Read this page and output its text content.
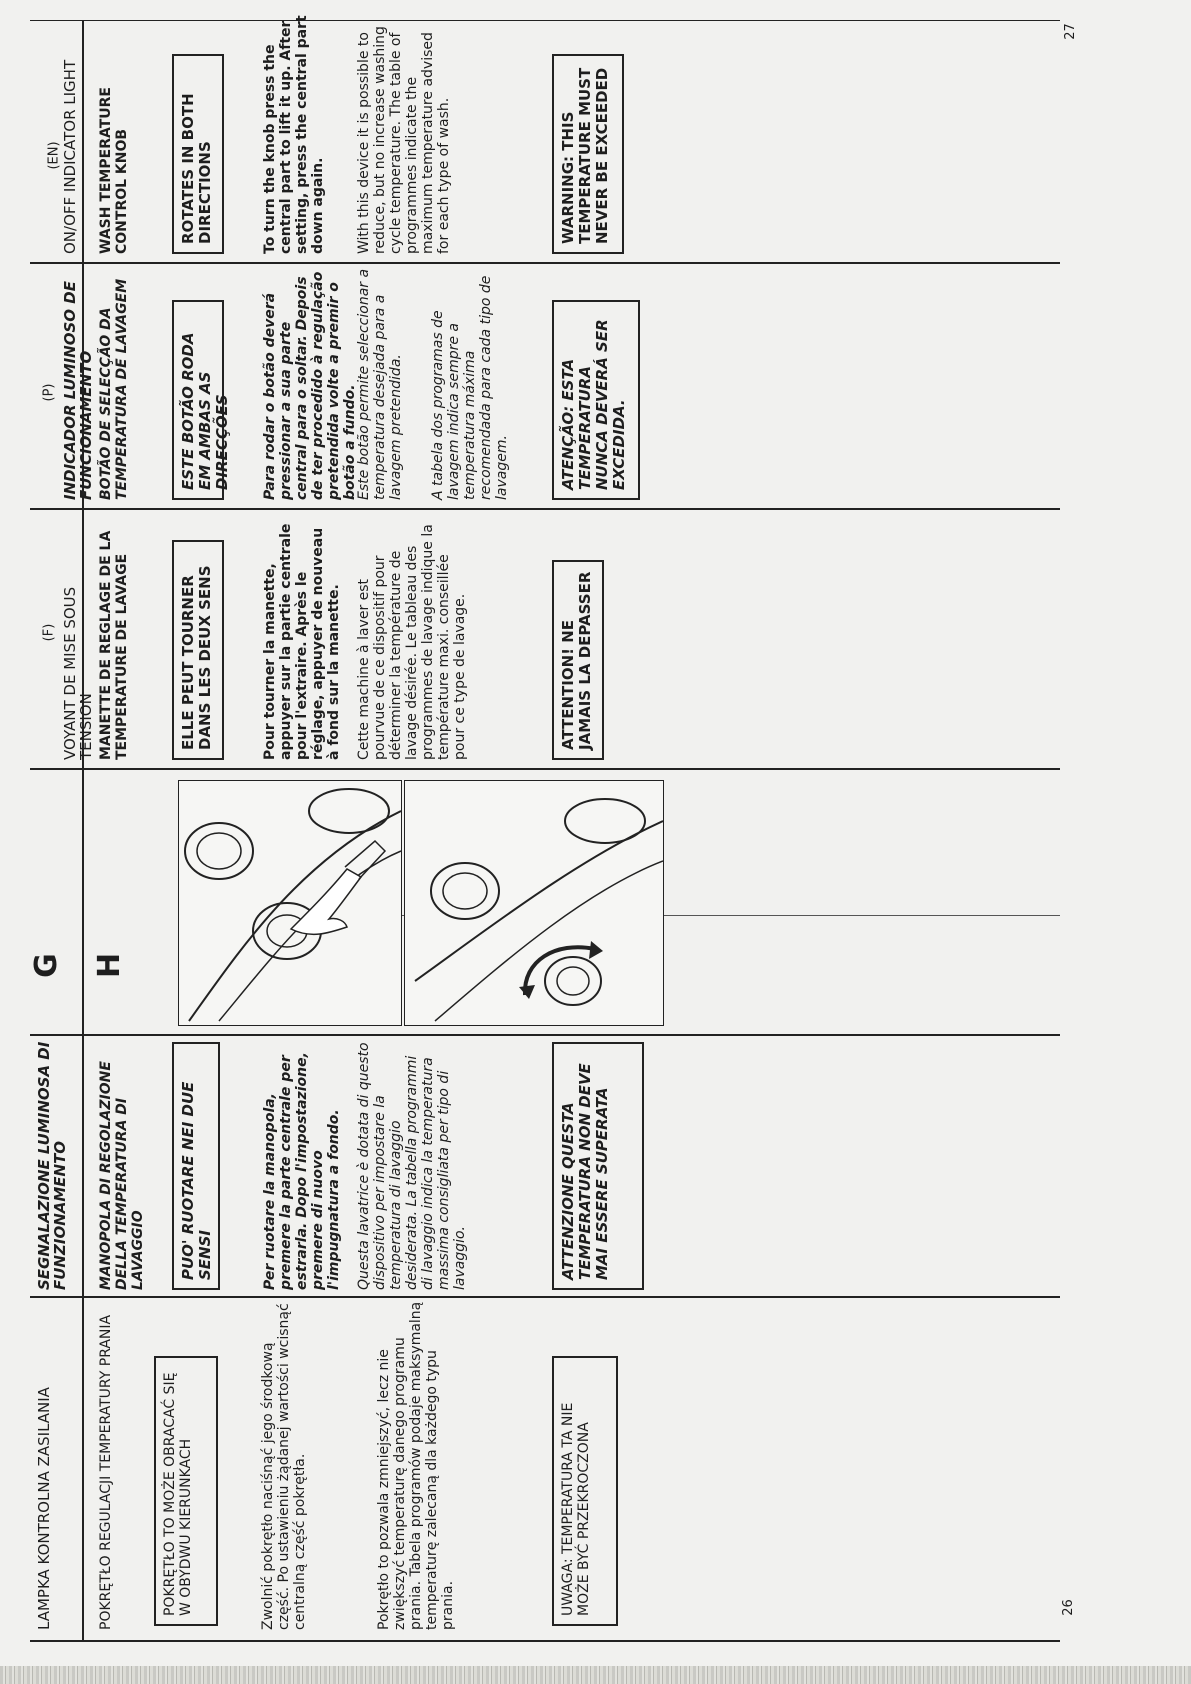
26
27
(F)
(P)
(EN)
G H
LAMPKA KONTROLNA ZASILANIA	POKRĘTŁO REGULACJI TEMPERATURY PRANIA	POKRĘTŁO TO MOŻE OBRACAĆ SIĘ W OBYDWU KIERUNKACH	Zwolnić pokrętło naciśnąć jego środkową część. Po ustawieniu żądanej wartości wcisnąć centralną część pokrętła.	Pokrętło to pozwala zmniejszyć, lecz nie zwiększyć temperaturę danego programu prania. Tabela programów podaje maksymalną temperaturę zalecaną dla każdego typu prania.	UWAGA: TEMPERATURA TA NIE MOŻE BYĆ PRZEKROCZONA
SEGNALAZIONE LUMINOSA DI FUNZIONAMENTO MANOPOLA DI REGOLAZIONE DELLA TEMPERATURA DI LAVAGGIO	PUO' RUOTARE NEI DUE SENSI	Per ruotare la manopola, premere la parte centrale per estrarla. Dopo l'impostazione, premere di nuovo l'impugnatura a fondo. Questa lavatrice è dotata di questo dispositivo per impostare la temperatura di lavaggio desiderata. La tabella programmi di lavaggio indica la temperatura massima consigliata per tipo di lavaggio.	ATTENZIONE QUESTA TEMPERATURA NON DEVE MAI ESSERE SUPERATA
VOYANT DE MISE SOUS TENSION MANETTE DE REGLAGE DE LA TEMPERATURE DE LAVAGE	ELLE PEUT TOURNER DANS LES DEUX SENS	Pour tourner la manette, appuyer sur la partie centrale pour l'extraire. Après le réglage, appuyer de nouveau à fond sur la manette. Cette machine à laver est pourvue de ce dispositif pour déterminer la température de lavage désirée. Le tableau des programmes de lavage indique la température maxi. conseillée pour ce type de lavage.	ATTENTION! NE JAMAIS LA DEPASSER
INDICADOR LUMINOSO DE FUNCIONAMENTO BOTÃO DE SELECÇÃO DA TEMPERATURA DE LAVAGEM	ESTE BOTÃO RODA EM AMBAS AS DIRECÇÕES Para rodar o botão deverá pressionar a sua parte central para o soltar. Depois de ter procedido à regulação pretendida volte a premir o botão a fundo.
Este botão permite seleccionar a temperatura desejada para a lavagem pretendida. A tabela dos programas de lavagem indica sempre a temperatura máxima recomendada para cada tipo de lavagem.	ATENÇÃO: ESTA TEMPERATURA NUNCA DEVERÁ SER EXCEDIDA.
ON/OFF INDICATOR LIGHT WASH TEMPERATURE CONTROL KNOB	ROTATES IN BOTH DIRECTIONS	To turn the knob press the central part to lift it up. After setting, press the central part down again. With this device it is possible to reduce, but no increase washing cycle temperature. The table of programmes indicate the maximum temperature advised for each type of wash.	WARNING: THIS TEMPERATURE MUST NEVER BE EXCEEDED
